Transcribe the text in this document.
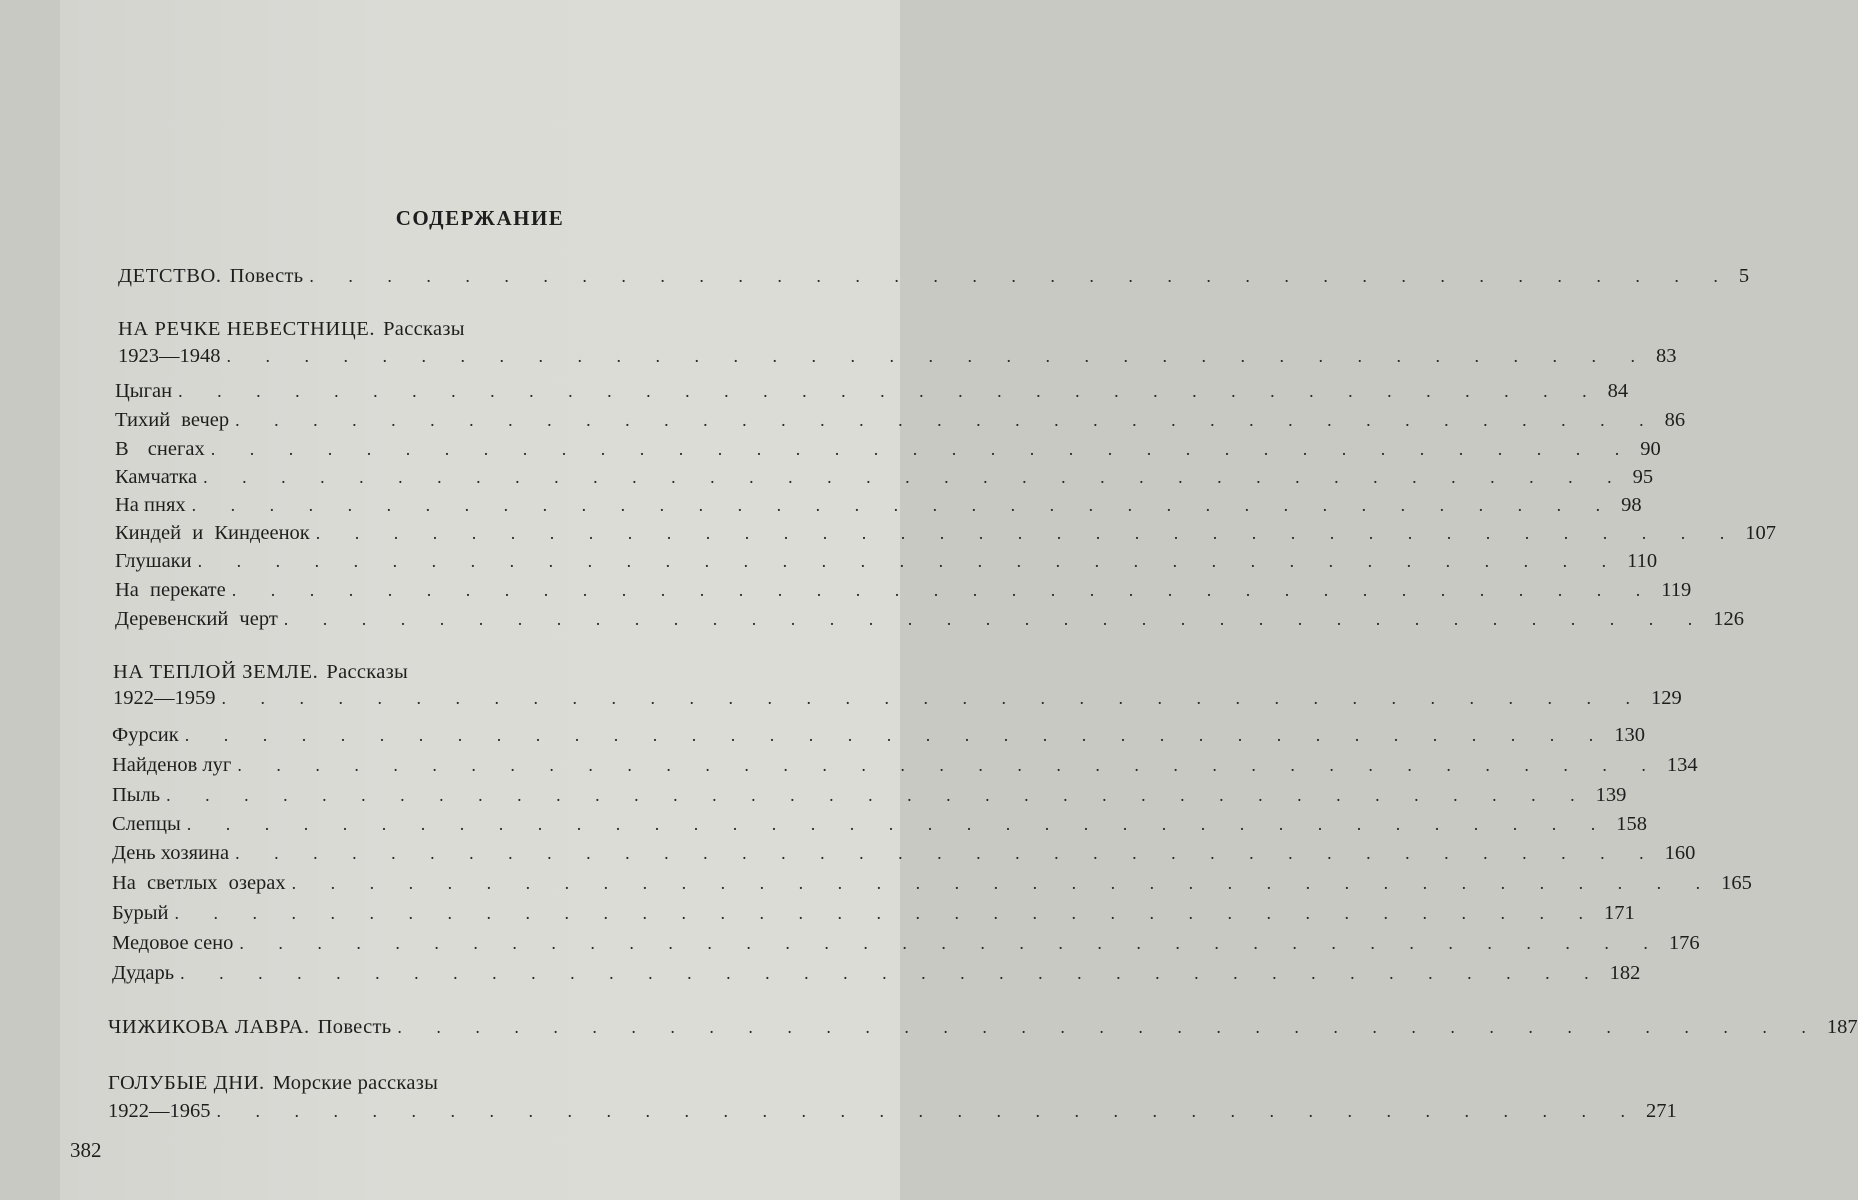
СОДЕРЖАНИЕ
ДЕТСТВО. Повесть . . . . . . . . . . . . . . . . . . . . . . . . . . . . . . . . . . . . . 5
НА РЕЧКЕ НЕВЕСТНИЦЕ. Рассказы
1923—1948 . . . . . . . . . . . . . . . . . . . . . . . . . . . . . . . . . . . . . 83
Цыган . . . . . . . . . . . . . . . . . . . . . . . . . . . . . . . . . . . . . 84
Тихий вечер . . . . . . . . . . . . . . . . . . . . . . . . . . . . . . . . . . . . . 86
В снегах . . . . . . . . . . . . . . . . . . . . . . . . . . . . . . . . . . . . . 90
Камчатка . . . . . . . . . . . . . . . . . . . . . . . . . . . . . . . . . . . . . 95
На пнях . . . . . . . . . . . . . . . . . . . . . . . . . . . . . . . . . . . . . 98
Киндей и Киндеенок . . . . . . . . . . . . . . . . . . . . . . . . . . . . . . . . . . . . . 107
Глушаки . . . . . . . . . . . . . . . . . . . . . . . . . . . . . . . . . . . . . 110
На перекате . . . . . . . . . . . . . . . . . . . . . . . . . . . . . . . . . . . . . 119
Деревенский черт . . . . . . . . . . . . . . . . . . . . . . . . . . . . . . . . . . . . . 126
НА ТЕПЛОЙ ЗЕМЛЕ. Рассказы
1922—1959 . . . . . . . . . . . . . . . . . . . . . . . . . . . . . . . . . . . . . 129
Фурсик . . . . . . . . . . . . . . . . . . . . . . . . . . . . . . . . . . . . . 130
Найденов луг . . . . . . . . . . . . . . . . . . . . . . . . . . . . . . . . . . . . . 134
Пыль . . . . . . . . . . . . . . . . . . . . . . . . . . . . . . . . . . . . . 139
Слепцы . . . . . . . . . . . . . . . . . . . . . . . . . . . . . . . . . . . . . 158
День хозяина . . . . . . . . . . . . . . . . . . . . . . . . . . . . . . . . . . . . . 160
На светлых озерах . . . . . . . . . . . . . . . . . . . . . . . . . . . . . . . . . . . . . 165
Бурый . . . . . . . . . . . . . . . . . . . . . . . . . . . . . . . . . . . . . 171
Медовое сено . . . . . . . . . . . . . . . . . . . . . . . . . . . . . . . . . . . . . 176
Дударь . . . . . . . . . . . . . . . . . . . . . . . . . . . . . . . . . . . . . 182
ЧИЖИКОВА ЛАВРА. Повесть . . . . . . . . . . . . . . . . . . . . . . . . . . . . . . . . . . . . . 187
ГОЛУБЫЕ ДНИ. Морские рассказы
1922—1965 . . . . . . . . . . . . . . . . . . . . . . . . . . . . . . . . . . . . . 271
382
